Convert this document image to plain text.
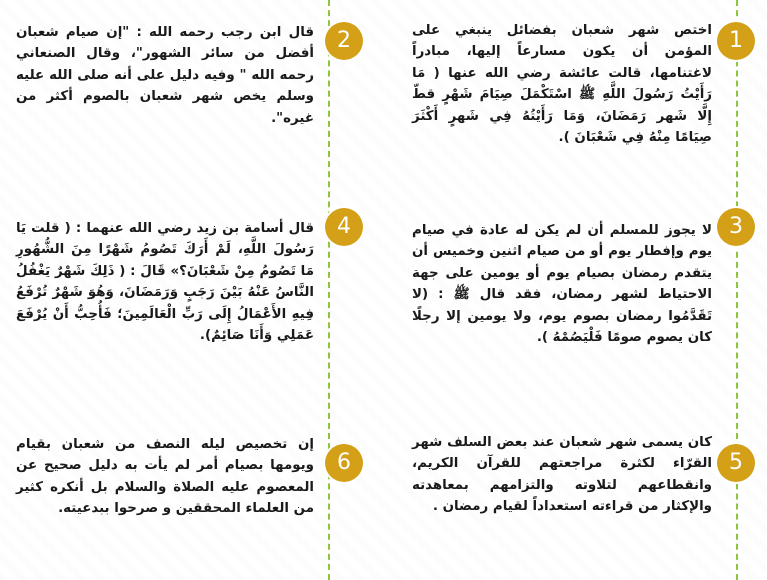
1
اختص شهر شعبان بفضائل ينبغي على المؤمن أن يكون مسارعاً إليها، مبادراً لاغتنامها، قالت عائشة رضي الله عنها ( مَا رَأَيْتُ رَسُولَ اللَّهِ ﷺ اسْتَكْمَلَ صِيَامَ شَهْرٍ قطّ إِلَّا شَهر رَمَضَانَ، وَمَا رَأَيْتُهُ فِي شَهرٍ أَكْثَرَ صِيَامًا مِنْهُ فِي شَعْبَانَ ).
2
قال ابن رجب رحمه الله : "إن صيام شعبان أفضل من سائر الشهور"، وقال الصنعاني رحمه الله " وفيه دليل على أنه صلى الله عليه وسلم يخص شهر شعبان بالصوم أكثر من غيره".
3
لا يجوز للمسلم أن لم يكن له عادة في صيام يوم وإفطار يوم أو من صيام اثنين وخميس أن يتقدم رمضان بصيام يوم أو يومين على جهة الاحتياط لشهر رمضان، فقد قال ﷺ : (لا تَقَدَّمُوا رمضان بصوم يوم، ولا يومين إلا رجلًا كان يصوم صومًا فَلْيَصُمْهُ ).
4
قال أسامة بن زيد رضي الله عنهما : ( قلت يَا رَسُولَ اللَّهِ، لَمْ أَرَكَ تَصُومُ شَهْرًا مِنَ الشُّهُورِ مَا تَصُومُ مِنْ شَعْبَانَ؟» قَالَ : ( ذَلِكَ شَهْرٌ يَغْفُلُ النَّاسُ عَنْهُ بَيْنَ رَجَبٍ وَرَمَضَانَ، وَهُوَ شَهْرٌ تُرْفَعُ فِيهِ الأَعْمَالُ إِلَى رَبِّ الْعَالَمِينَ؛ فَأُحِبُّ أَنْ يُرْفَعَ عَمَلِي وَأَنَا صَائِمٌ).
5
كان يسمى شهر شعبان عند بعض السلف شهر القرّاء لكثرة مراجعتهم للقرآن الكريم، وانقطاعهم لتلاوته والتزامهم بمعاهدته والإكثار من قراءته استعداداً لقيام رمضان .
6
إن تخصيص ليله النصف من شعبان بقيام ويومها بصيام أمر لم يأت به دليل صحيح عن المعصوم عليه الصلاة والسلام بل أنكره كثير من العلماء المحققين و صرحوا ببدعيته.
